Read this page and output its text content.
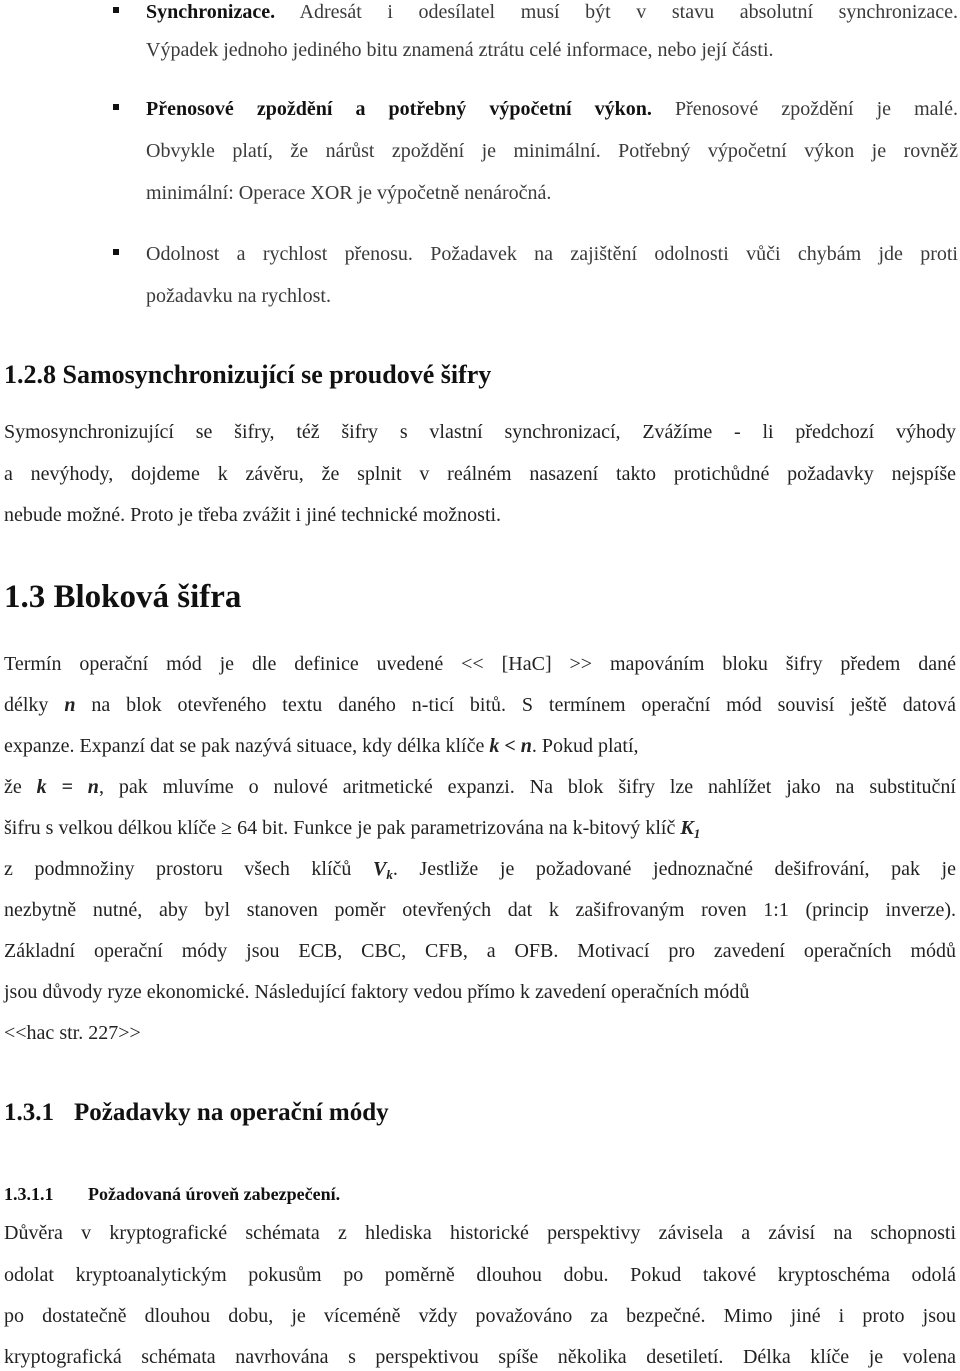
Synchronizace. Adresát i odesílatel musí být v stavu absolutní synchronizace.
Výpadek jednoho jediného bitu znamená ztrátu celé informace, nebo její části.
Přenosové zpoždění a potřebný výpočetní výkon. Přenosové zpoždění je malé.
Obvykle platí, že nárůst zpoždění je minimální. Potřebný výpočetní výkon je rovněž
minimální: Operace XOR je výpočetně nenáročná.
Odolnost a rychlost přenosu. Požadavek na zajištění odolnosti vůči chybám jde proti
požadavku na rychlost.
1.2.8 Samosynchronizující se proudové šifry
Symosynchronizující se šifry, též šifry s vlastní synchronizací, Zvážíme - li předchozí výhody
a nevýhody, dojdeme k závěru, že splnit v reálném nasazení takto protichůdné požadavky nejspíše
nebude možné. Proto je třeba zvážit i jiné technické možnosti.
1.3 Bloková šifra
Termín operační mód je dle definice uvedené << [HaC] >> mapováním bloku šifry předem dané
délky n na blok otevřeného textu daného n-ticí bitů. S termínem operační mód souvisí ještě datová
expanze. Expanzí dat se pak nazývá situace, kdy délka klíče k < n. Pokud platí,
že k = n, pak mluvíme o nulové aritmetické expanzi. Na blok šifry lze nahlížet jako na substituční
šifru s velkou délkou klíče ≥ 64 bit. Funkce je pak parametrizována na k-bitový klíč $K_1$
z podmnožiny prostoru všech klíčů $V_k$. Jestliže je požadované jednoznačné dešifrování, pak je
nezbytně nutné, aby byl stanoven poměr otevřených dat k zašifrovaným roven 1:1 (princip inverze).
Základní operační módy jsou ECB, CBC, CFB, a OFB. Motivací pro zavedení operačních módů
jsou důvody ryze ekonomické. Následující faktory vedou přímo k zavedení operačních módů
<<hac str. 227>>
1.3.1 Požadavky na operační módy
1.3.1.1 Požadovaná úroveň zabezpečení.
Důvěra v kryptografické schémata z hlediska historické perspektivy závisela a závisí na schopnosti
odolat kryptoanalytickým pokusům po poměrně dlouhou dobu. Pokud takové kryptoschéma odolá
po dostatečně dlouhou dobu, je víceméně vždy považováno za bezpečné. Mimo jiné i proto jsou
kryptografická schémata navrhována s perspektivou spíše několika desetiletí. Délka klíče je volena
